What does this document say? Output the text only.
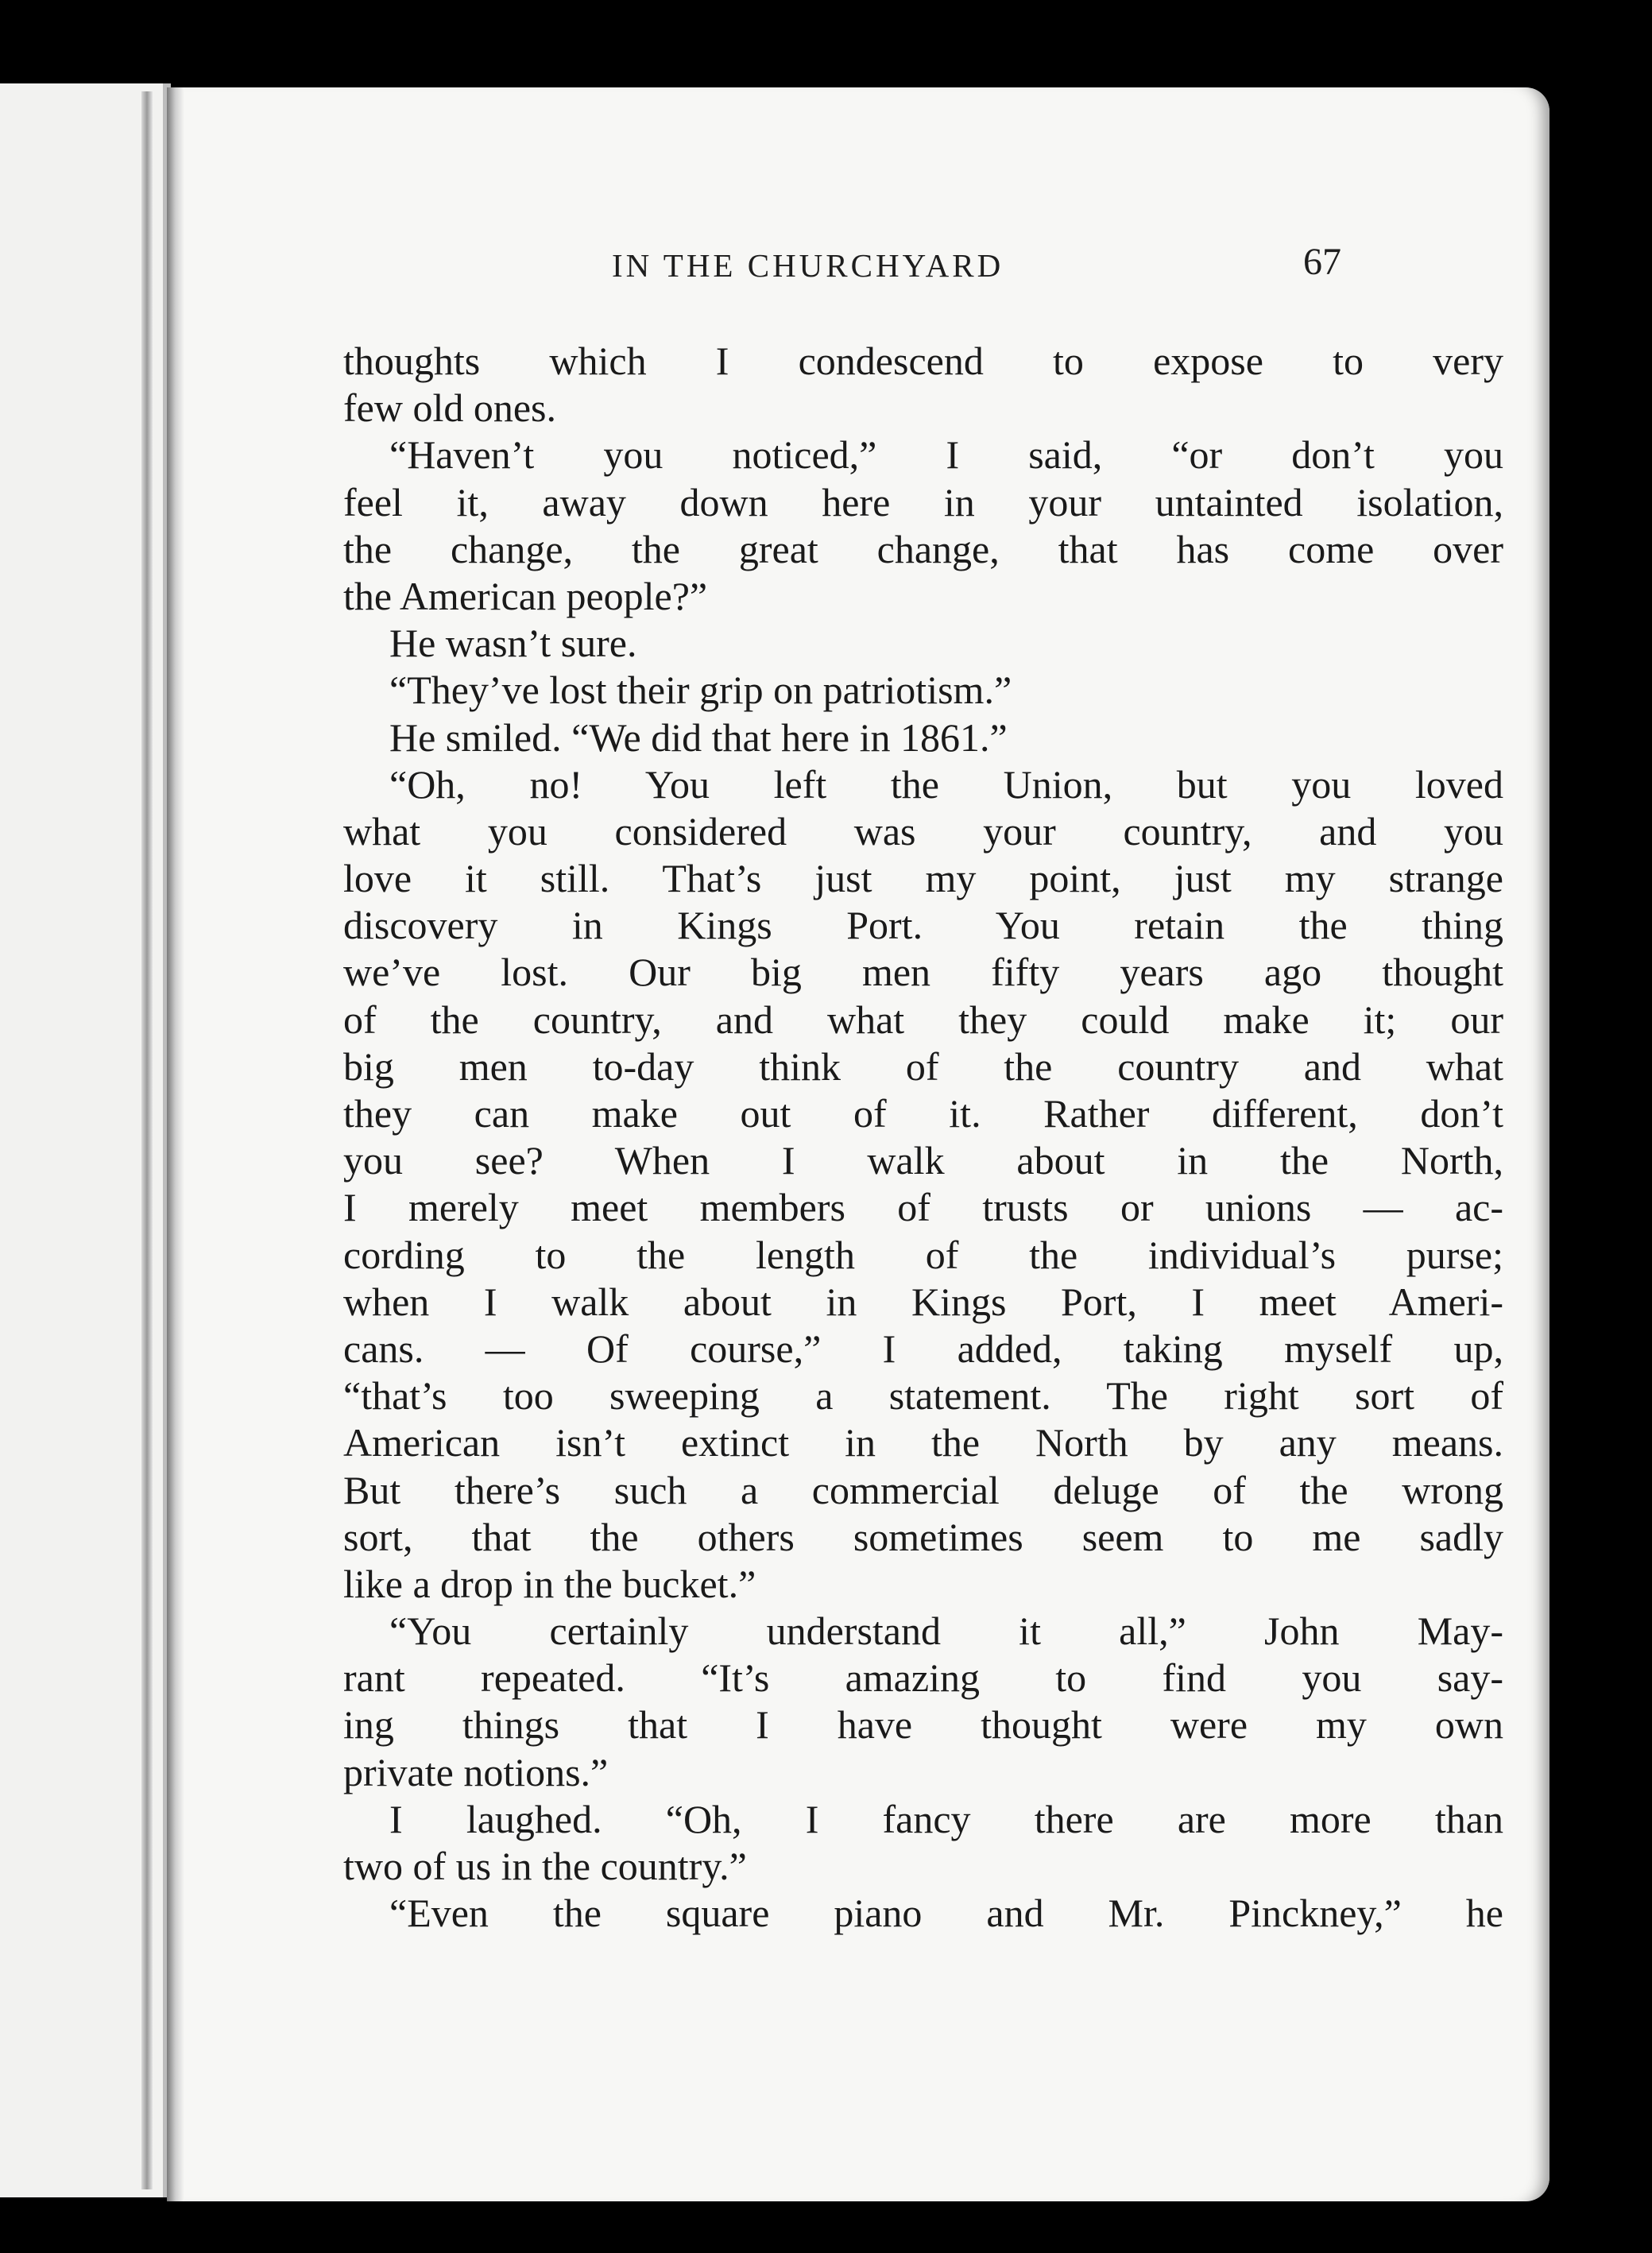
IN THE CHURCHYARD	67
thoughts which I condescend to expose to very
few old ones.
“Haven’t you noticed,” I said, “or don’t you
feel it, away down here in your untainted isolation,
the change, the great change, that has come over
the American people?”
He wasn’t sure.
“They’ve lost their grip on patriotism.”
He smiled. “We did that here in 1861.”
“Oh, no! You left the Union, but you loved
what you considered was your country, and you
love it still. That’s just my point, just my strange
discovery in Kings Port. You retain the thing
we’ve lost. Our big men fifty years ago thought
of the country, and what they could make it; our
big men to-day think of the country and what
they can make out of it. Rather different, don’t
you see? When I walk about in the North,
I merely meet members of trusts or unions — ac-
cording to the length of the individual’s purse;
when I walk about in Kings Port, I meet Ameri-
cans. — Of course,” I added, taking myself up,
“that’s too sweeping a statement. The right sort of
American isn’t extinct in the North by any means.
But there’s such a commercial deluge of the wrong
sort, that the others sometimes seem to me sadly
like a drop in the bucket.”
“You certainly understand it all,” John May-
rant repeated. “It’s amazing to find you say-
ing things that I have thought were my own
private notions.”
I laughed. “Oh, I fancy there are more than
two of us in the country.”
“Even the square piano and Mr. Pinckney,” he
